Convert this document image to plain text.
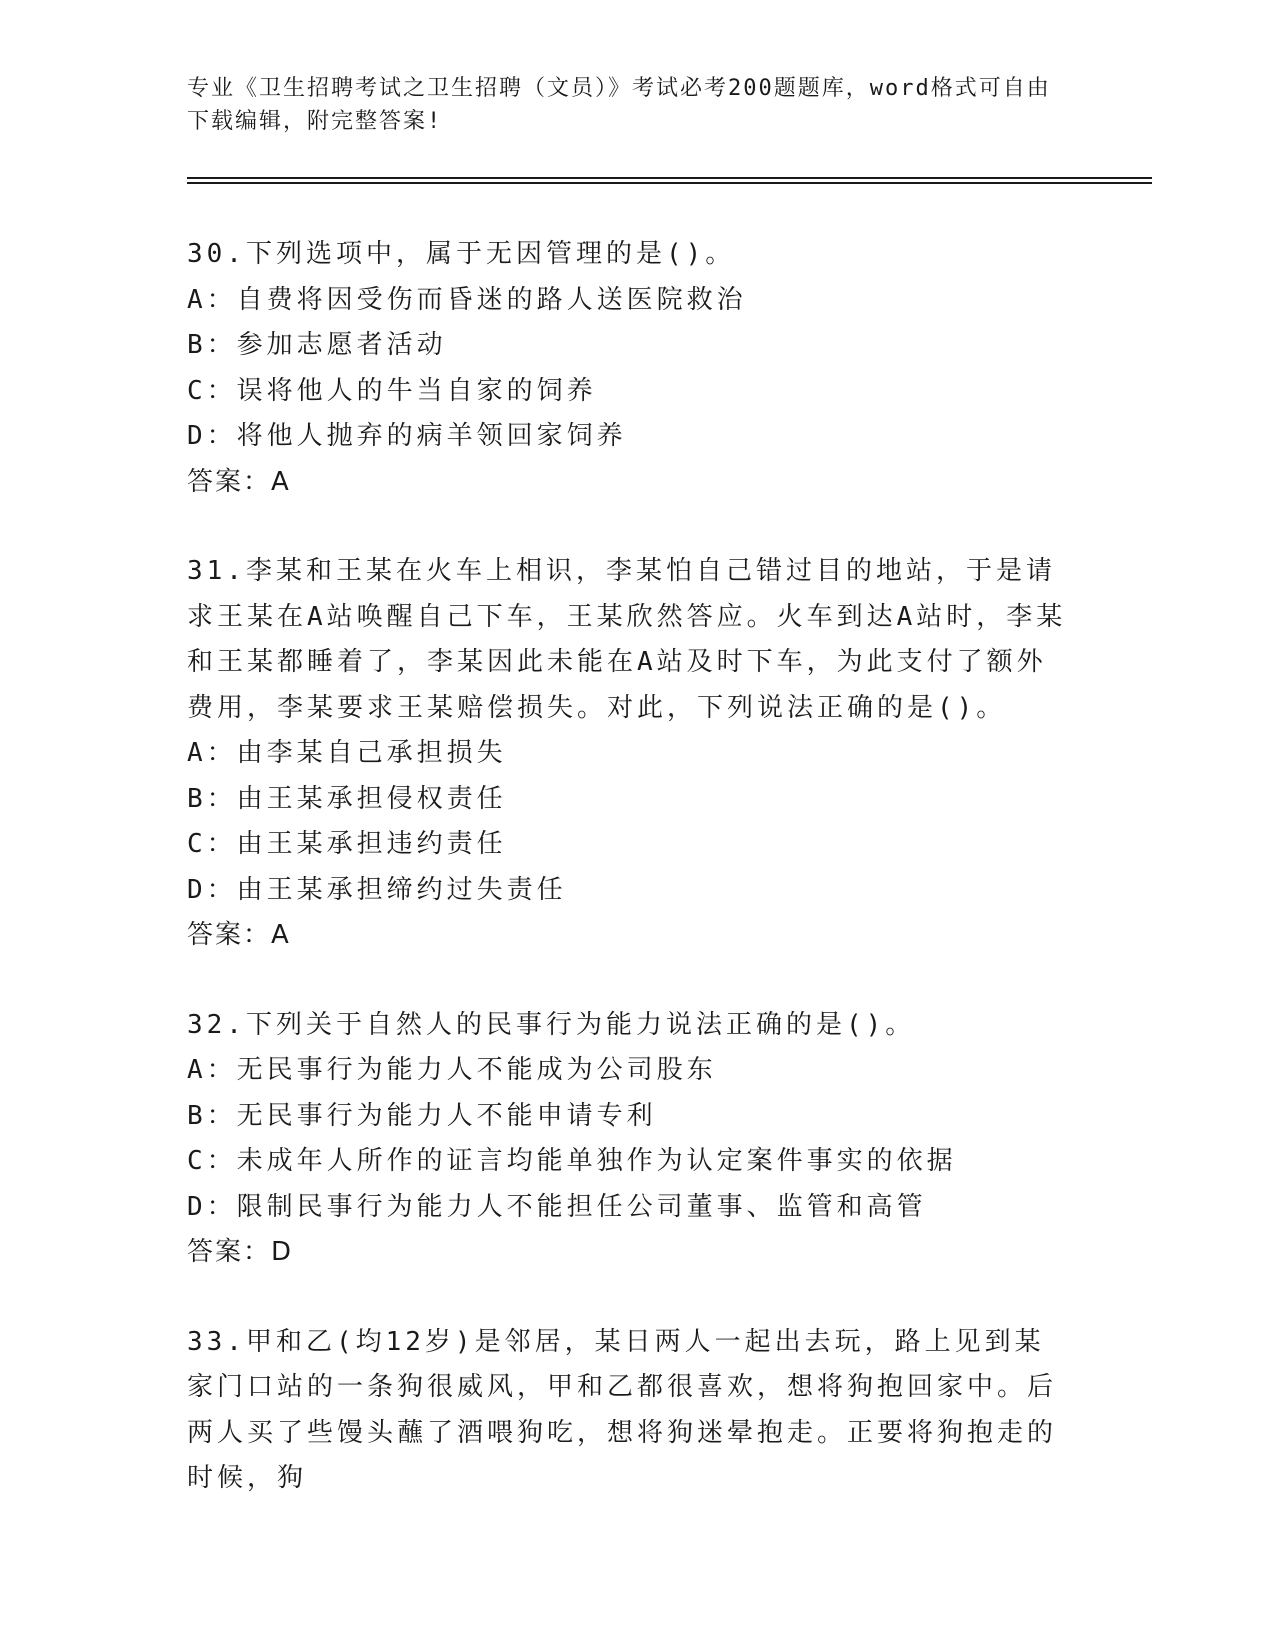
专业《卫生招聘考试之卫生招聘（文员）》考试必考200题题库，word格式可自由下载编辑，附完整答案!

30.下列选项中，属于无因管理的是()。

A：自费将因受伤而昏迷的路人送医院救治

B：参加志愿者活动

C：误将他人的牛当自家的饲养

D：将他人抛弃的病羊领回家饲养

答案：A

31.李某和王某在火车上相识，李某怕自己错过目的地站，于是请求王某在A站唤醒自己下车，王某欣然答应。火车到达A站时，李某和王某都睡着了，李某因此未能在A站及时下车，为此支付了额外费用，李某要求王某赔偿损失。对此，下列说法正确的是()。

A：由李某自己承担损失

B：由王某承担侵权责任

C：由王某承担违约责任

D：由王某承担缔约过失责任

答案：A

32.下列关于自然人的民事行为能力说法正确的是()。

A：无民事行为能力人不能成为公司股东

B：无民事行为能力人不能申请专利

C：未成年人所作的证言均能单独作为认定案件事实的依据

D：限制民事行为能力人不能担任公司董事、监管和高管

答案：D

33.甲和乙(均12岁)是邻居，某日两人一起出去玩，路上见到某家门口站的一条狗很威风，甲和乙都很喜欢，想将狗抱回家中。后两人买了些馒头蘸了酒喂狗吃，想将狗迷晕抱走。正要将狗抱走的时候，狗
